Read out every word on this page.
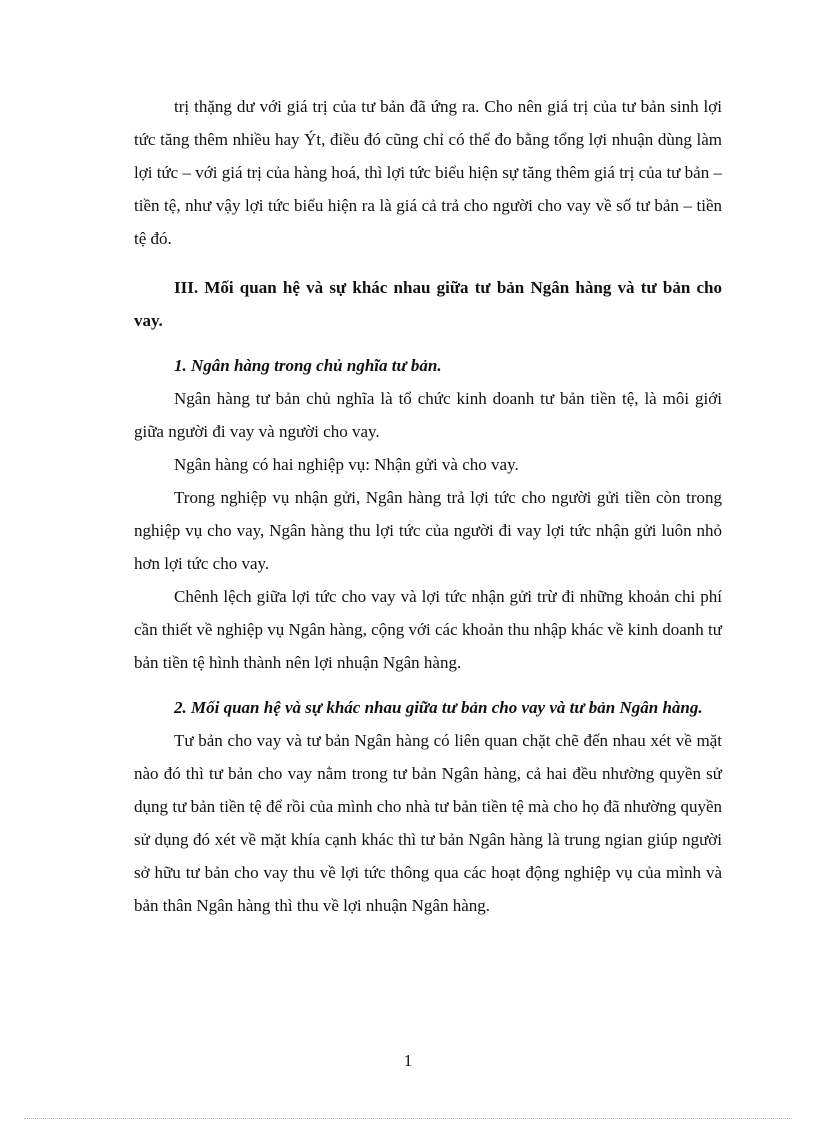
trị thặng dư với giá trị của tư bản đã ứng ra. Cho nên giá trị của tư bản sinh lợi tức tăng thêm nhiều hay Ýt, điều đó cũng chỉ có thể đo bằng tổng lợi nhuận dùng làm lợi tức – với giá trị của hàng hoá, thì lợi tức biểu hiện sự tăng thêm giá trị của tư bản – tiền tệ, như vậy lợi tức biểu hiện ra là giá cả trả cho người cho vay về số tư bản – tiền tệ đó.

III. Mối quan hệ và sự khác nhau giữa tư bản Ngân hàng và tư bản cho vay.

1. Ngân hàng trong chủ nghĩa tư bản.

Ngân hàng tư bản chủ nghĩa là tổ chức kinh doanh tư bản tiền tệ, là môi giới giữa người đi vay và người cho vay.

Ngân hàng có hai nghiệp vụ: Nhận gửi và cho vay.

Trong nghiệp vụ nhận gửi, Ngân hàng trả lợi tức cho người gửi tiền còn trong nghiệp vụ cho vay, Ngân hàng thu lợi tức của người đi vay lợi tức nhận gửi luôn nhỏ hơn lợi tức cho vay.

Chênh lệch giữa lợi tức cho vay và lợi tức nhận gửi trừ đi những khoản chi phí cần thiết về nghiệp vụ Ngân hàng, cộng với các khoản thu nhập khác về kinh doanh tư bản tiền tệ hình thành nên lợi nhuận Ngân hàng.

2. Mối quan hệ và sự khác nhau giữa tư bản cho vay và tư bản Ngân hàng.

Tư bản cho vay và tư bản Ngân hàng có liên quan chặt chẽ đến nhau xét về mặt nào đó thì tư bản cho vay nằm trong tư bản Ngân hàng, cả hai đều nhường quyền sử dụng tư bản tiền tệ để rồi của mình cho nhà tư bản tiền tệ mà cho họ đã nhường quyền sử dụng đó xét về mặt khía cạnh khác thì tư bản Ngân hàng là trung ngian giúp người sở hữu tư bản cho vay thu về lợi tức thông qua các hoạt động nghiệp vụ của mình và bản thân Ngân hàng thì thu về lợi nhuận Ngân hàng.

1
